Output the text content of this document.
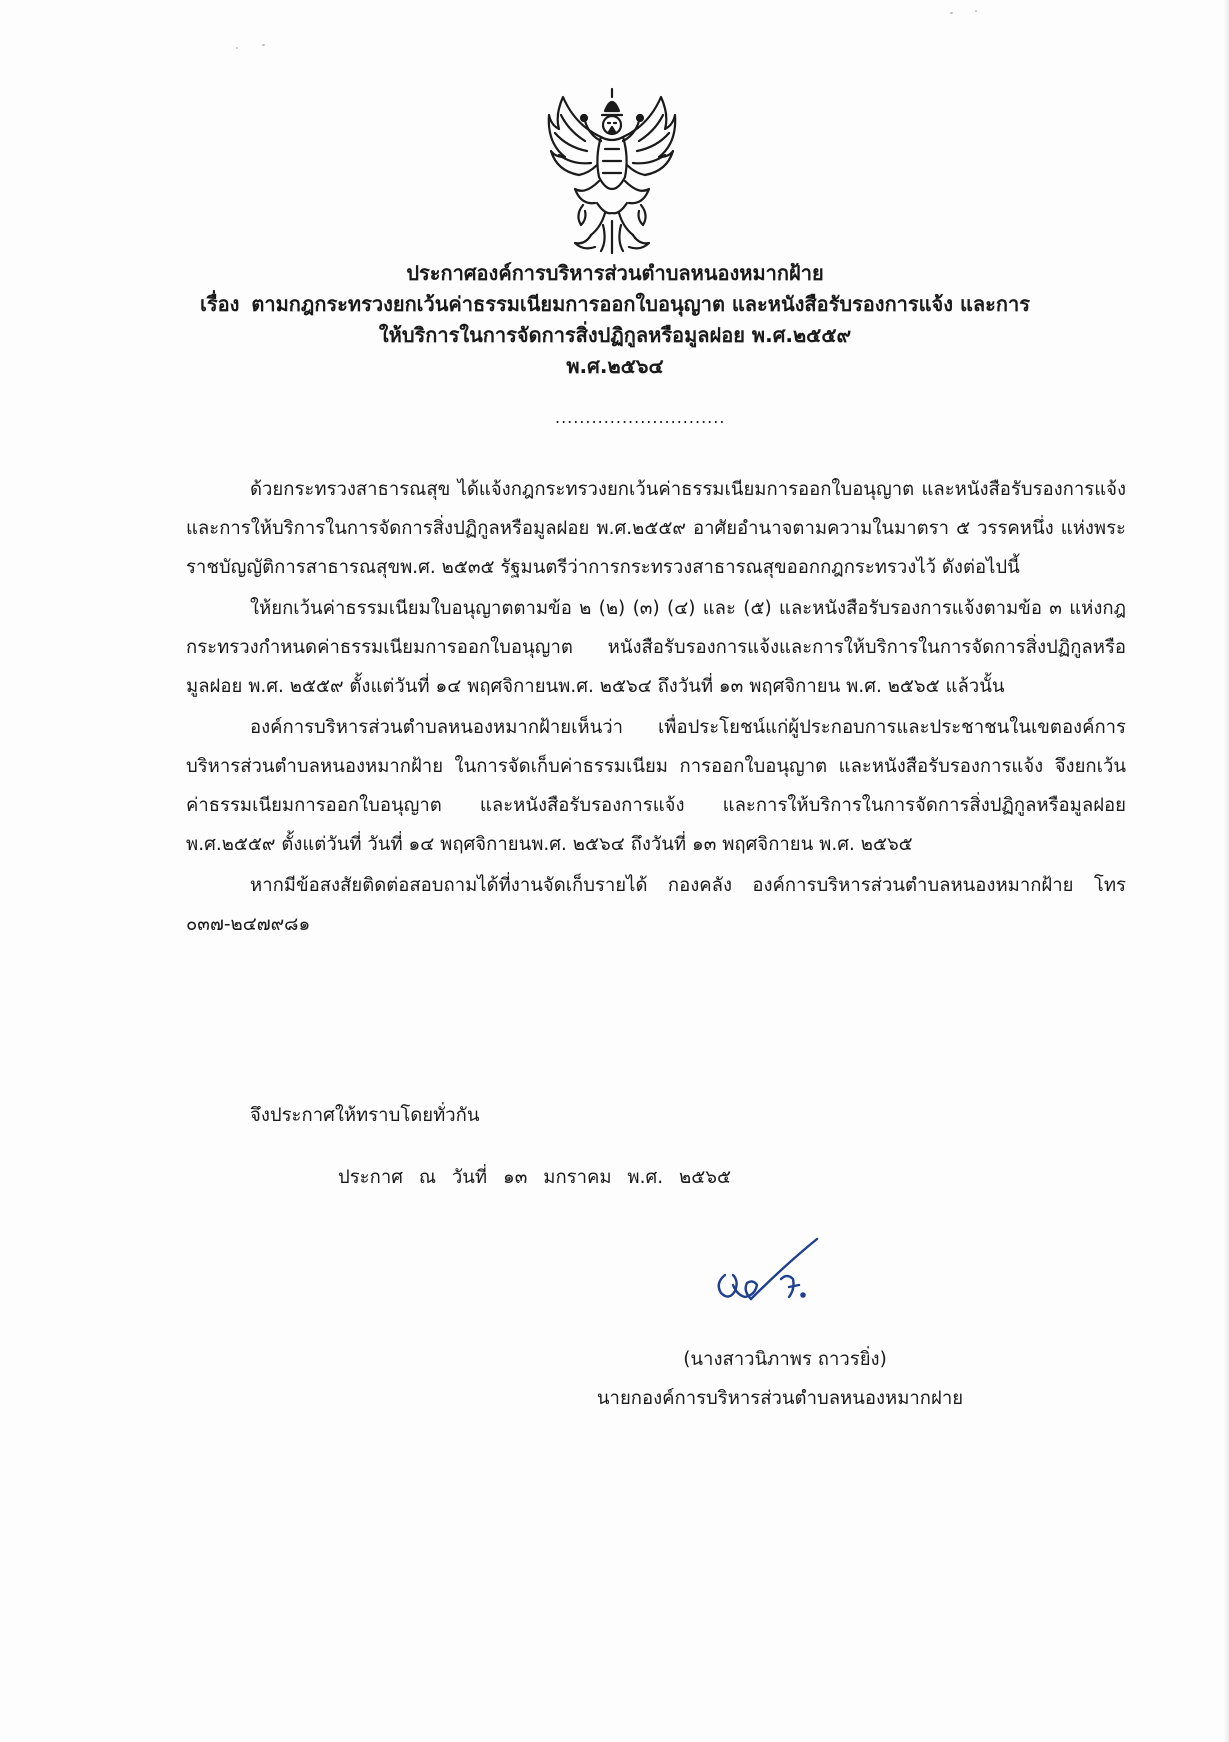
ประกาศองค์การบริหารส่วนตำบลหนองหมากฝ้าย
เรื่อง ตามกฎกระทรวงยกเว้นค่าธรรมเนียมการออกใบอนุญาต และหนังสือรับรองการแจ้ง และการ
ให้บริการในการจัดการสิ่งปฏิกูลหรือมูลฝอย พ.ศ.๒๕๕๙
พ.ศ.๒๕๖๔
............................

ด้วยกระทรวงสาธารณสุข ได้แจ้งกฎกระทรวงยกเว้นค่าธรรมเนียมการออกใบอนุญาต และหนังสือรับรองการแจ้ง และการให้บริการในการจัดการสิ่งปฏิกูลหรือมูลฝอย พ.ศ.๒๕๕๙ อาศัยอำนาจตามความในมาตรา ๕ วรรคหนึ่ง แห่งพระราชบัญญัติการสาธารณสุขพ.ศ. ๒๕๓๕ รัฐมนตรีว่าการกระทรวงสาธารณสุขออกกฎกระทรวงไว้ ดังต่อไปนี้

ให้ยกเว้นค่าธรรมเนียมใบอนุญาตตามข้อ ๒ (๒) (๓) (๔) และ (๕) และหนังสือรับรองการแจ้งตามข้อ ๓ แห่งกฎกระทรวงกำหนดค่าธรรมเนียมการออกใบอนุญาต หนังสือรับรองการแจ้งและการให้บริการในการจัดการสิ่งปฏิกูลหรือมูลฝอย พ.ศ. ๒๕๕๙ ตั้งแต่วันที่ ๑๔ พฤศจิกายนพ.ศ. ๒๕๖๔ ถึงวันที่ ๑๓ พฤศจิกายน พ.ศ. ๒๕๖๕ แล้วนั้น

องค์การบริหารส่วนตำบลหนองหมากฝ้ายเห็นว่า เพื่อประโยชน์แก่ผู้ประกอบการและประชาชนในเขตองค์การบริหารส่วนตำบลหนองหมากฝ้าย ในการจัดเก็บค่าธรรมเนียม การออกใบอนุญาต และหนังสือรับรองการแจ้ง จึงยกเว้นค่าธรรมเนียมการออกใบอนุญาต และหนังสือรับรองการแจ้ง และการให้บริการในการจัดการสิ่งปฏิกูลหรือมูลฝอย พ.ศ.๒๕๕๙ ตั้งแต่วันที่ วันที่ ๑๔ พฤศจิกายนพ.ศ. ๒๕๖๔ ถึงวันที่ ๑๓ พฤศจิกายน พ.ศ. ๒๕๖๕

หากมีข้อสงสัยติดต่อสอบถามได้ที่งานจัดเก็บรายได้ กองคลัง องค์การบริหารส่วนตำบลหนองหมากฝ้าย โทร ๐๓๗-๒๔๗๙๘๑

จึงประกาศให้ทราบโดยทั่วกัน
ประกาศ ณ วันที่ ๑๓ มกราคม พ.ศ. ๒๕๖๕
(นางสาวนิภาพร ถาวรยิ่ง)
นายกองค์การบริหารส่วนตำบลหนองหมากฝาย
